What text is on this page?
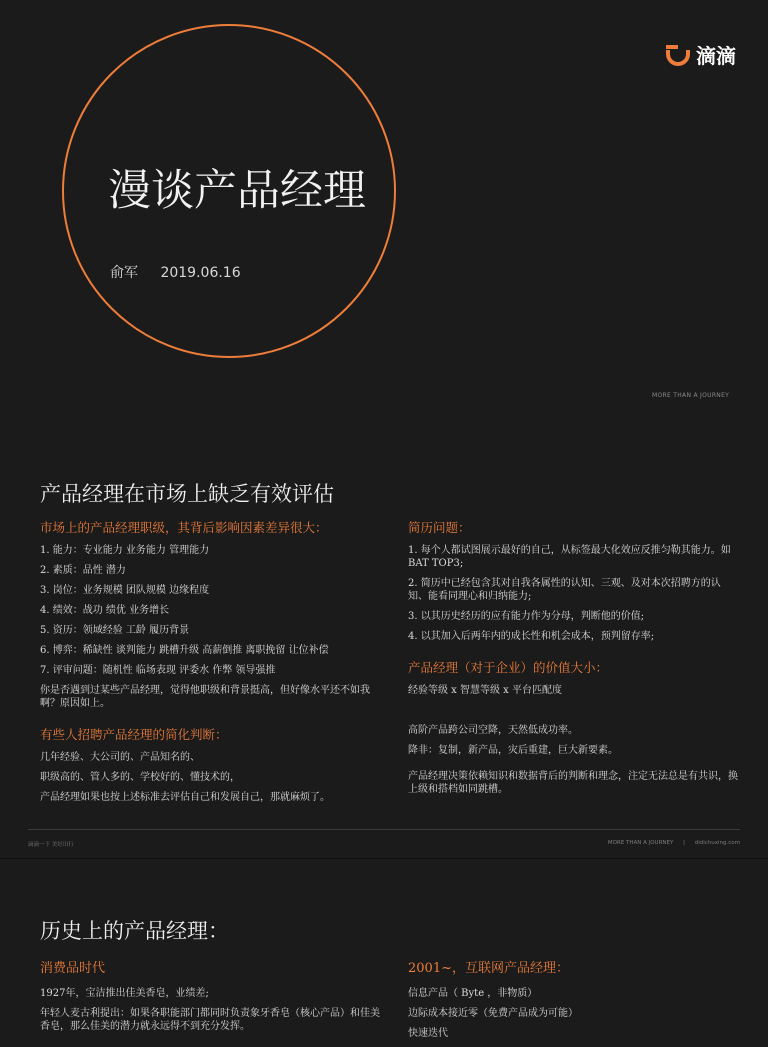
滴滴
漫谈产品经理
俞军 2019.06.16
MORE THAN A JOURNEY
产品经理在市场上缺乏有效评估

市场上的产品经理职级，其背后影响因素差异很大：

1. 能力：专业能力 业务能力 管理能力

2. 素质：品性 潜力

3. 岗位：业务规模 团队规模 边缘程度

4. 绩效：战功 绩优 业务增长

5. 资历：领域经验 工龄 履历背景

6. 博弈：稀缺性 谈判能力 跳槽升级 高薪倒推 离职挽留 让位补偿

7. 评审问题：随机性 临场表现 评委水 作弊 领导强推

你是否遇到过某些产品经理，觉得他职级和背景挺高，但好像水平还不如我啊？原因如上。

有些人招聘产品经理的简化判断：

几年经验、大公司的、产品知名的、

职级高的、管人多的、学校好的、懂技术的，

产品经理如果也按上述标准去评估自己和发展自己，那就麻烦了。

简历问题：

1. 每个人都试图展示最好的自己，从标签最大化效应反推匀勒其能力。如BAT TOP3;

2. 简历中已经包含其对自我各属性的认知、三观、及对本次招聘方的认知、能看同理心和归纳能力;

3. 以其历史经历的应有能力作为分母，判断他的价值;

4. 以其加入后两年内的成长性和机会成本，预判留存率;

产品经理（对于企业）的价值大小：

经验等级 x 智慧等级 x 平台匹配度

高阶产品跨公司空降，天然低成功率。

降非：复制，新产品，灾后重建，巨大新要素。

产品经理决策依赖知识和数据背后的判断和理念，注定无法总是有共识，换上级和搭档如同跳槽。

滴滴一下 美好出行	MORE THAN A JOURNEY | didichuxing.com
历史上的产品经理：

消费品时代

1927年，宝洁推出佳美香皂，业绩差;

年轻人麦古利提出：如果各职能部门都同时负责象牙香皂（核心产品）和佳美香皂，那么佳美的潜力就永远得不到充分发挥。

2001~，互联网产品经理：

信息产品（ Byte ，非物质）

边际成本接近零（免费产品成为可能）

快速迭代
